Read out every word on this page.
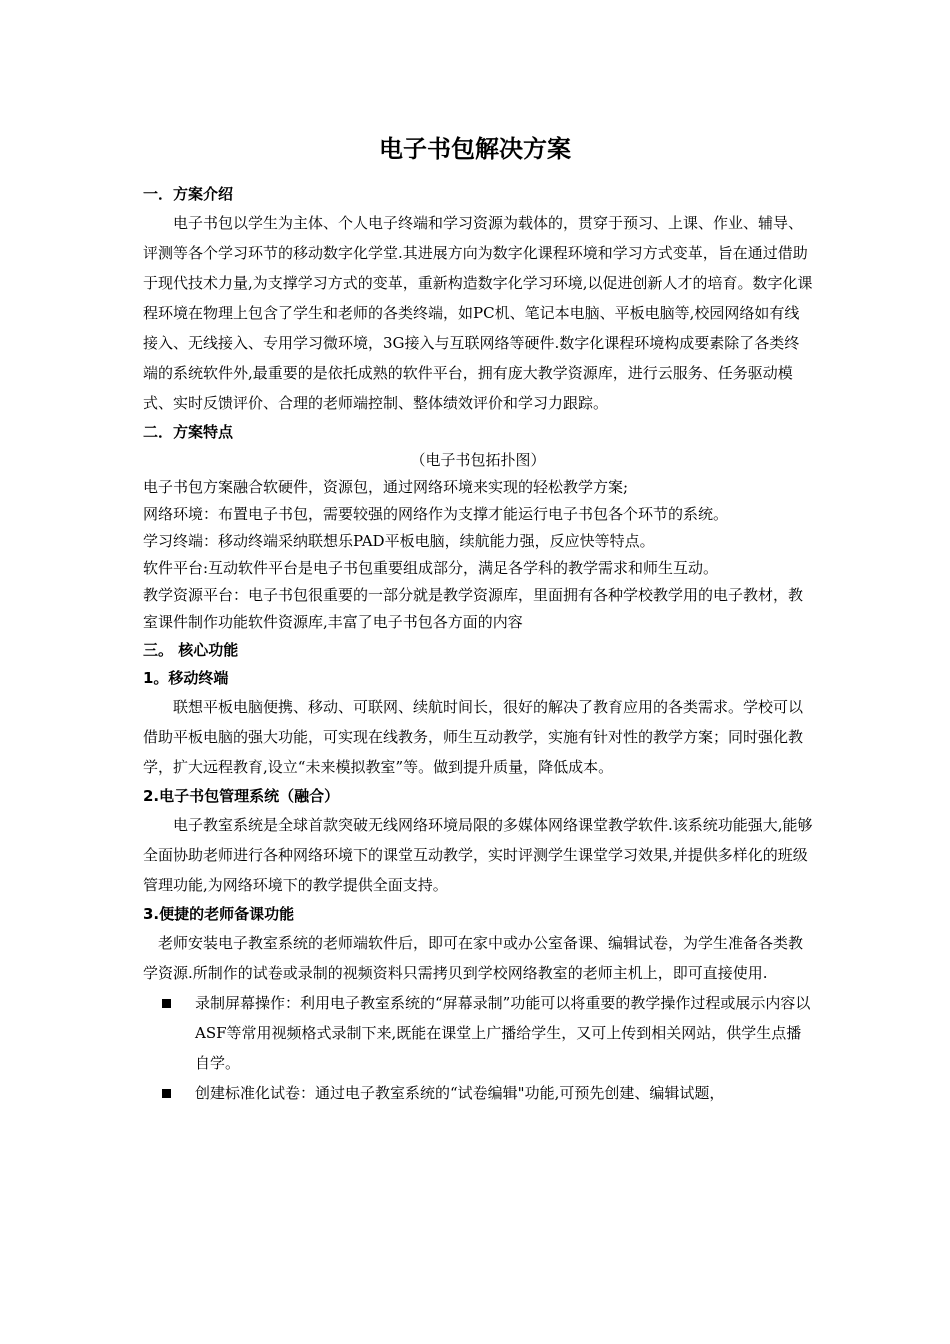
电子书包解决方案
一．方案介绍

电子书包以学生为主体、个人电子终端和学习资源为载体的，贯穿于预习、上课、作业、辅导、评测等各个学习环节的移动数字化学堂.其进展方向为数字化课程环境和学习方式变革，旨在通过借助于现代技术力量,为支撑学习方式的变革，重新构造数字化学习环境,以促进创新人才的培育。数字化课程环境在物理上包含了学生和老师的各类终端，如PC机、笔记本电脑、平板电脑等,校园网络如有线接入、无线接入、专用学习微环境，3G接入与互联网络等硬件.数字化课程环境构成要素除了各类终端的系统软件外,最重要的是依托成熟的软件平台，拥有庞大教学资源库，进行云服务、任务驱动模式、实时反馈评价、合理的老师端控制、整体绩效评价和学习力跟踪。

二．方案特点

（电子书包拓扑图）

电子书包方案融合软硬件，资源包，通过网络环境来实现的轻松教学方案;

网络环境：布置电子书包，需要较强的网络作为支撑才能运行电子书包各个环节的系统。

学习终端：移动终端采纳联想乐PAD平板电脑，续航能力强，反应快等特点。

软件平台:互动软件平台是电子书包重要组成部分，满足各学科的教学需求和师生互动。

教学资源平台：电子书包很重要的一部分就是教学资源库，里面拥有各种学校教学用的电子教材，教室课件制作功能软件资源库,丰富了电子书包各方面的内容

三。 核心功能
1。移动终端

联想平板电脑便携、移动、可联网、续航时间长，很好的解决了教育应用的各类需求。学校可以借助平板电脑的强大功能，可实现在线教务，师生互动教学，实施有针对性的教学方案；同时强化教学，扩大远程教育,设立“未来模拟教室”等。做到提升质量，降低成本。

2.电子书包管理系统（融合）

电子教室系统是全球首款突破无线网络环境局限的多媒体网络课堂教学软件.该系统功能强大,能够全面协助老师进行各种网络环境下的课堂互动教学，实时评测学生课堂学习效果,并提供多样化的班级管理功能,为网络环境下的教学提供全面支持。

3.便捷的老师备课功能

老师安装电子教室系统的老师端软件后，即可在家中或办公室备课、编辑试卷，为学生准备各类教学资源.所制作的试卷或录制的视频资料只需拷贝到学校网络教室的老师主机上，即可直接使用.

录制屏幕操作：利用电子教室系统的“屏幕录制”功能可以将重要的教学操作过程或展示内容以ASF等常用视频格式录制下来,既能在课堂上广播给学生，又可上传到相关网站，供学生点播自学。
创建标准化试卷：通过电子教室系统的“试卷编辑"功能,可预先创建、编辑试题，
